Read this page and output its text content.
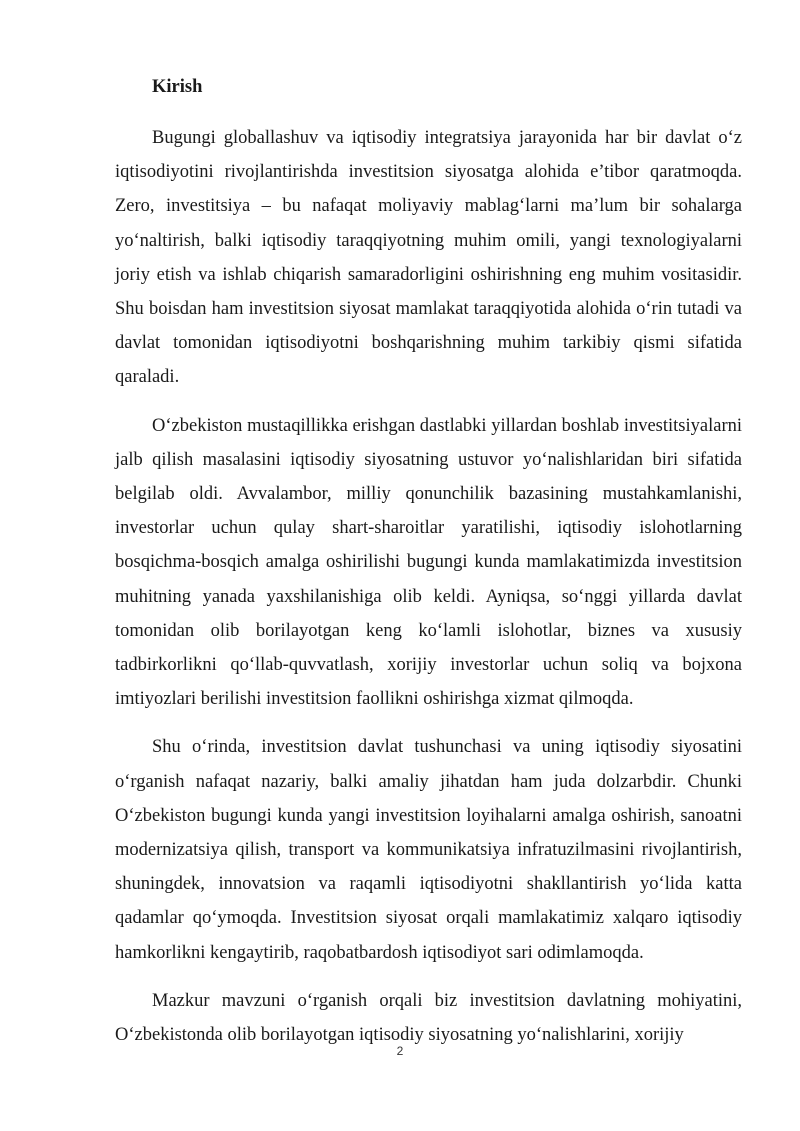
Kirish

Bugungi globallashuv va iqtisodiy integratsiya jarayonida har bir davlat o‘z iqtisodiyotini rivojlantirishda investitsion siyosatga alohida e’tibor qaratmoqda. Zero, investitsiya – bu nafaqat moliyaviy mablag‘larni ma’lum bir sohalarga yo‘naltirish, balki iqtisodiy taraqqiyotning muhim omili, yangi texnologiyalarni joriy etish va ishlab chiqarish samaradorligini oshirishning eng muhim vositasidir. Shu boisdan ham investitsion siyosat mamlakat taraqqiyotida alohida o‘rin tutadi va davlat tomonidan iqtisodiyotni boshqarishning muhim tarkibiy qismi sifatida qaraladi.

O‘zbekiston mustaqillikka erishgan dastlabki yillardan boshlab investitsiyalarni jalb qilish masalasini iqtisodiy siyosatning ustuvor yo‘nalishlaridan biri sifatida belgilab oldi. Avvalambor, milliy qonunchilik bazasining mustahkamlanishi, investorlar uchun qulay shart-sharoitlar yaratilishi, iqtisodiy islohotlarning bosqichma-bosqich amalga oshirilishi bugungi kunda mamlakatimizda investitsion muhitning yanada yaxshilanishiga olib keldi. Ayniqsa, so‘nggi yillarda davlat tomonidan olib borilayotgan keng ko‘lamli islohotlar, biznes va xususiy tadbirkorlikni qo‘llab-quvvatlash, xorijiy investorlar uchun soliq va bojxona imtiyozlari berilishi investitsion faollikni oshirishga xizmat qilmoqda.

Shu o‘rinda, investitsion davlat tushunchasi va uning iqtisodiy siyosatini o‘rganish nafaqat nazariy, balki amaliy jihatdan ham juda dolzarbdir. Chunki O‘zbekiston bugungi kunda yangi investitsion loyihalarni amalga oshirish, sanoatni modernizatsiya qilish, transport va kommunikatsiya infratuzilmasini rivojlantirish, shuningdek, innovatsion va raqamli iqtisodiyotni shakllantirish yo‘lida katta qadamlar qo‘ymoqda. Investitsion siyosat orqali mamlakatimiz xalqaro iqtisodiy hamkorlikni kengaytirib, raqobatbardosh iqtisodiyot sari odimlamoqda.

Mazkur mavzuni o‘rganish orqali biz investitsion davlatning mohiyatini, O‘zbekistonda olib borilayotgan iqtisodiy siyosatning yo‘nalishlarini, xorijiy

2
